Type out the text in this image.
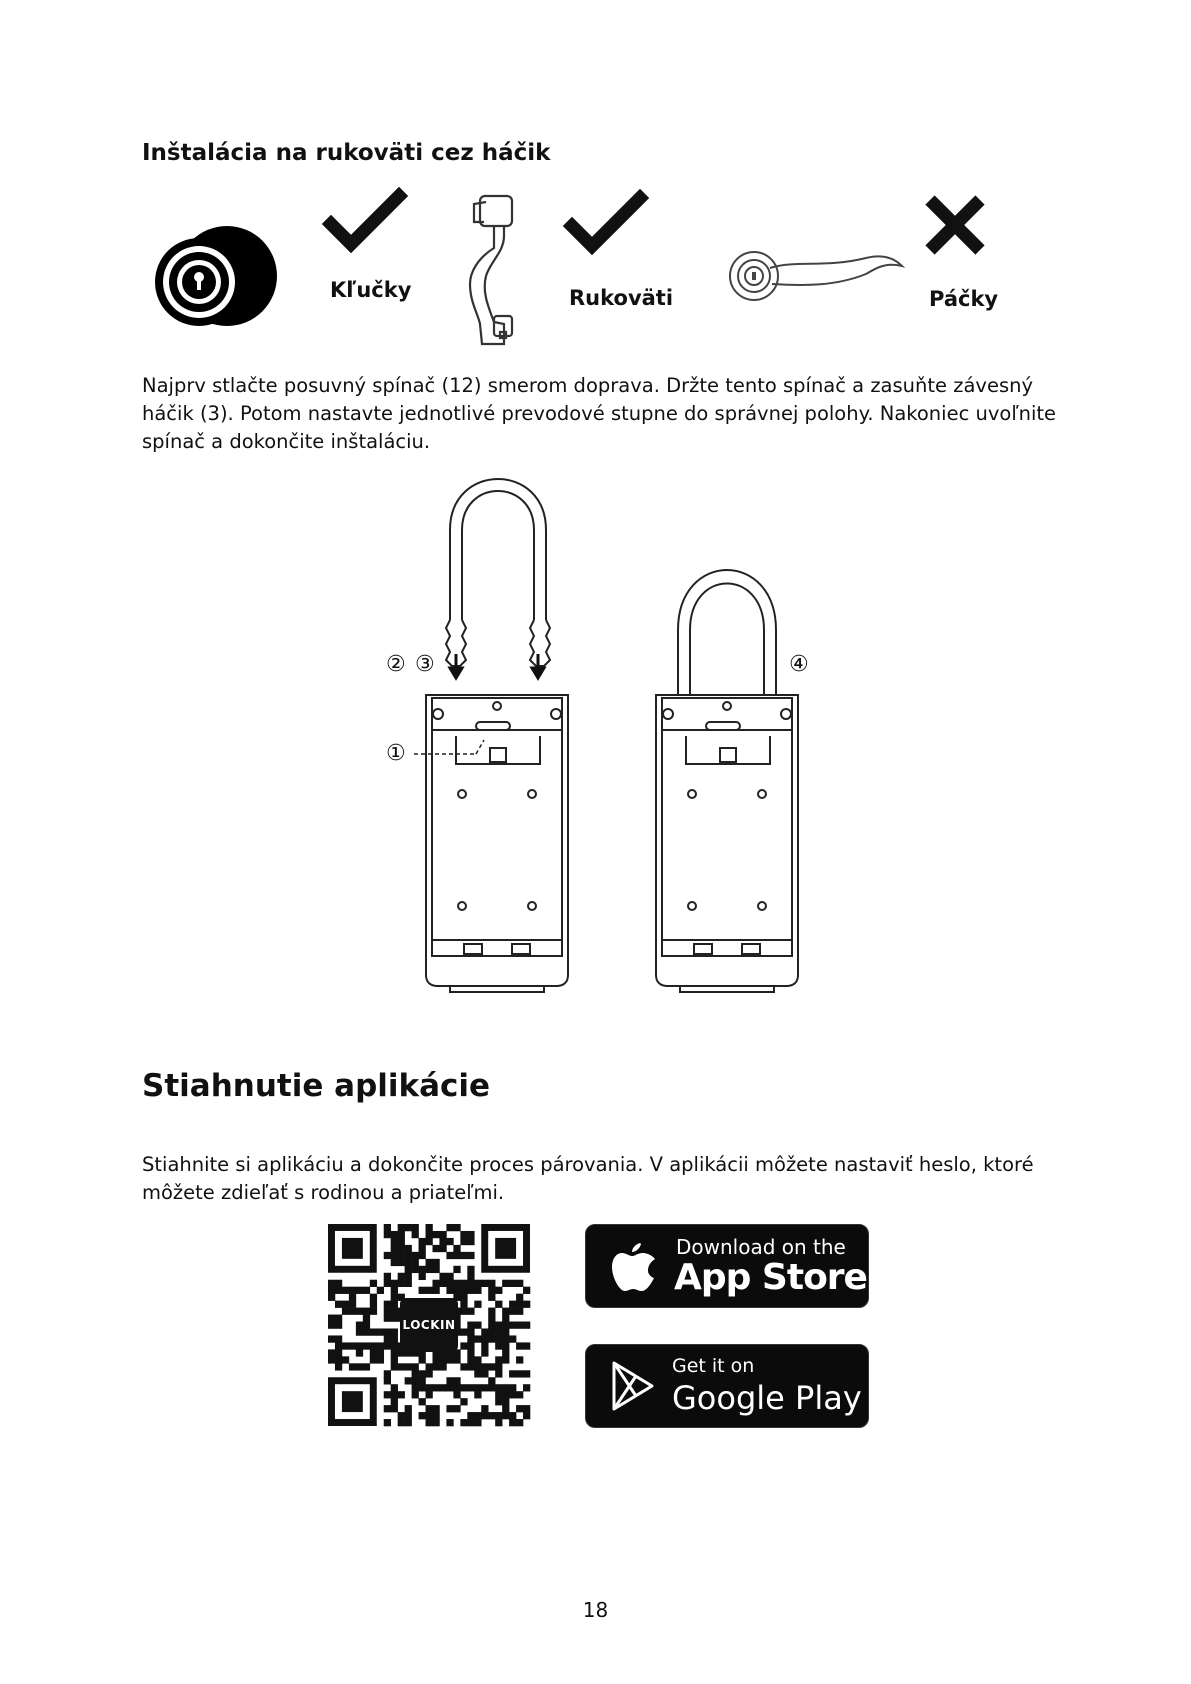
Inštalácia na rukoväti cez háčik
Kľučky	Rukoväti	Páčky
Najprv stlačte posuvný spínač (12) smerom doprava. Držte tento spínač a zasuňte závesný háčik (3). Potom nastavte jednotlivé prevodové stupne do správnej polohy. Nakoniec uvoľnite spínač a dokončite inštaláciu.
② ③
①
④
Stiahnutie aplikácie
Stiahnite si aplikáciu a dokončite proces párovania. V aplikácii môžete nastaviť heslo, ktoré môžete zdieľať s rodinou a priateľmi.
LOCKIN
Download on the
App Store
Get it on
Google Play
18
